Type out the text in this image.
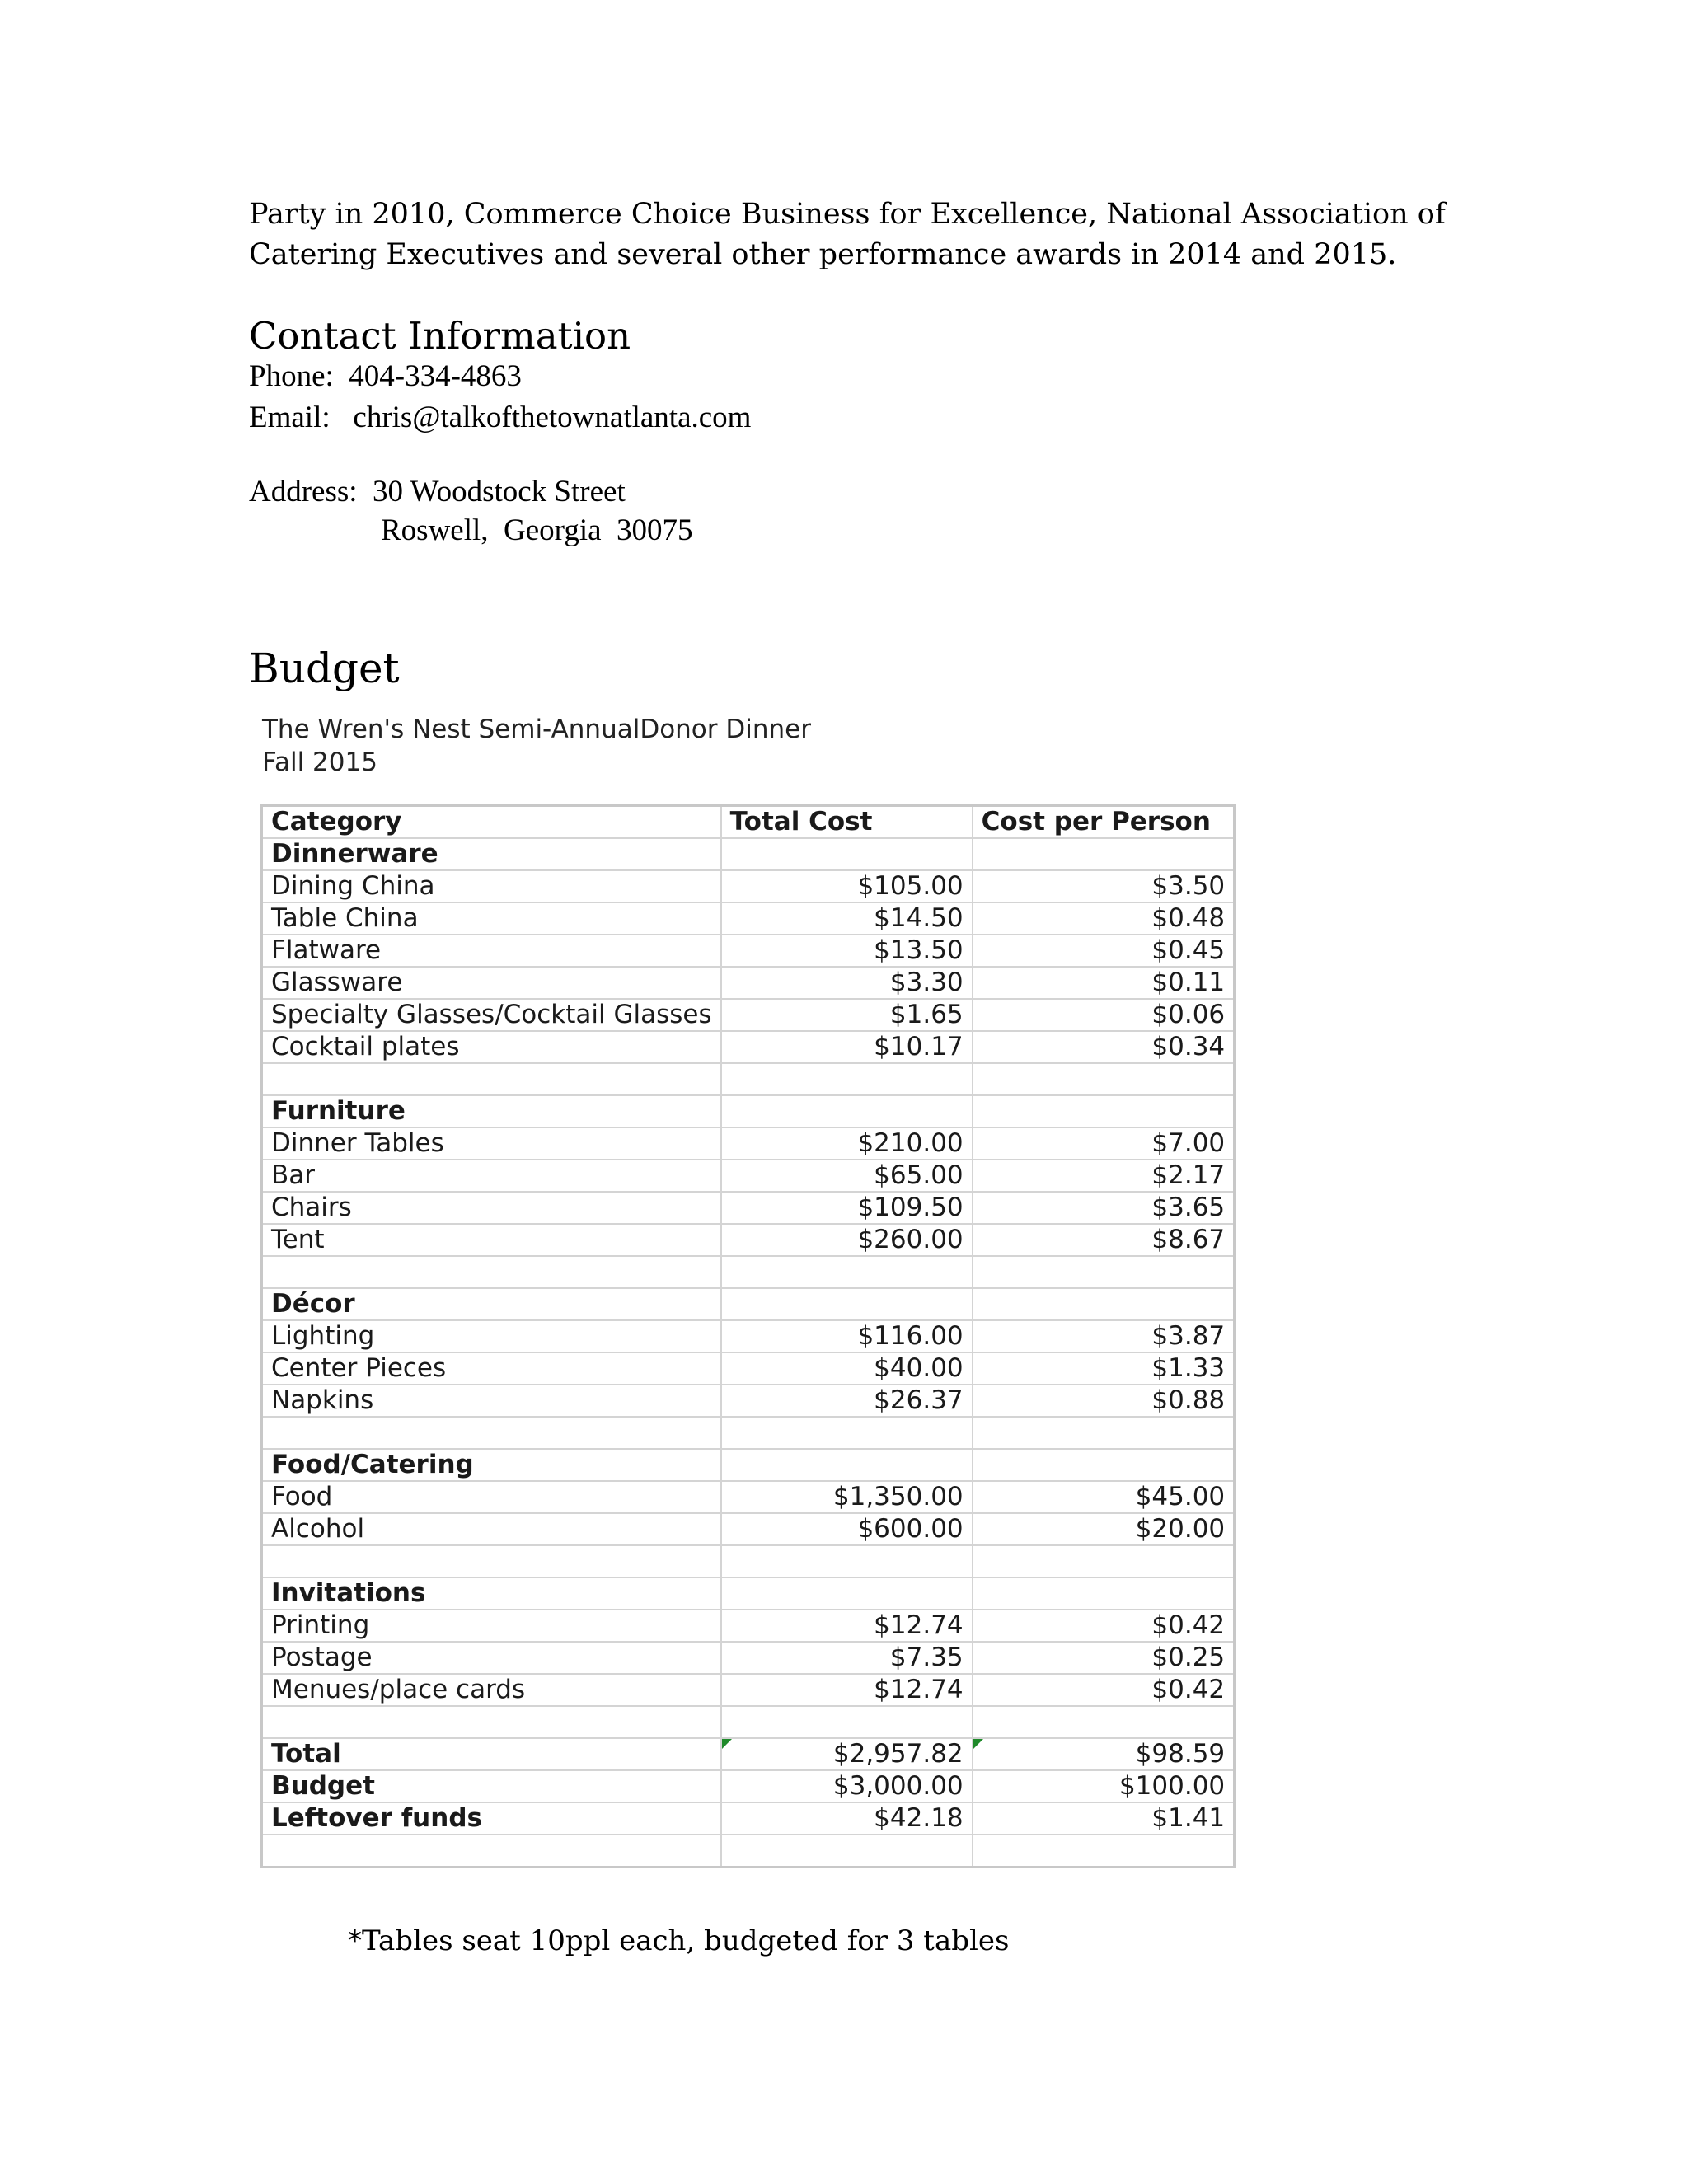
Party in 2010, Commerce Choice Business for Excellence, National Association of
Catering Executives and several other performance awards in 2014 and 2015.
Contact Information
Phone:  404-334-4863
Email:   chris@talkofthetownatlanta.com
Address:  30 Woodstock Street
Roswell,  Georgia  30075
Budget
The Wren's Nest Semi-AnnualDonor Dinner
Fall 2015
Category	Total Cost	Cost per Person
Dinnerware		
Dining China	$105.00	$3.50
Table China	$14.50	$0.48
Flatware	$13.50	$0.45
Glassware	$3.30	$0.11
Specialty Glasses/Cocktail Glasses	$1.65	$0.06
Cocktail plates	$10.17	$0.34

Furniture		
Dinner Tables	$210.00	$7.00
Bar	$65.00	$2.17
Chairs	$109.50	$3.65
Tent	$260.00	$8.67

Décor		
Lighting	$116.00	$3.87
Center Pieces	$40.00	$1.33
Napkins	$26.37	$0.88

Food/Catering		
Food	$1,350.00	$45.00
Alcohol	$600.00	$20.00

Invitations		
Printing	$12.74	$0.42
Postage	$7.35	$0.25
Menues/place cards	$12.74	$0.42

Total	$2,957.82	$98.59
Budget	$3,000.00	$100.00
Leftover funds	$42.18	$1.41

*Tables seat 10ppl each, budgeted for 3 tables
